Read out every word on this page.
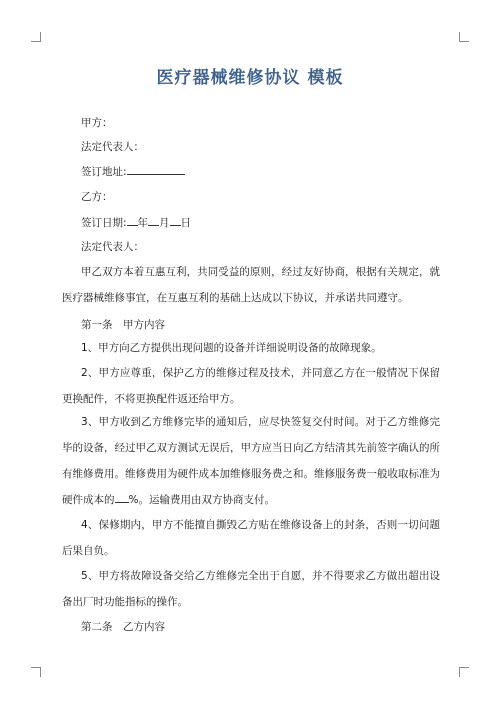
医疗器械维修协议 模板
甲方：
法定代表人：
签订地址:
乙方：
签订日期: 年 月 日
法定代表人：
甲乙双方本着互惠互利，共同受益的原则，经过友好协商，根据有关规定，就医疗器械维修事宜，在互惠互利的基础上达成以下协议，并承诺共同遵守。
第一条　甲方内容
1、甲方向乙方提供出现问题的设备并详细说明设备的故障现象。
2、甲方应尊重，保护乙方的维修过程及技术，并同意乙方在一般情况下保留更换配件，不将更换配件返还给甲方。
3、甲方收到乙方维修完毕的通知后，应尽快签复交付时间。对于乙方维修完毕的设备，经过甲乙双方测试无误后，甲方应当日向乙方结清其先前签字确认的所有维修费用。维修费用为硬件成本加维修服务费之和。维修服务费一般收取标准为硬件成本的 %。运输费用由双方协商支付。
4、保修期内，甲方不能擅自撕毁乙方贴在维修设备上的封条，否则一切问题后果自负。
5、甲方将故障设备交给乙方维修完全出于自愿，并不得要求乙方做出超出设备出厂时功能指标的操作。
第二条　乙方内容
